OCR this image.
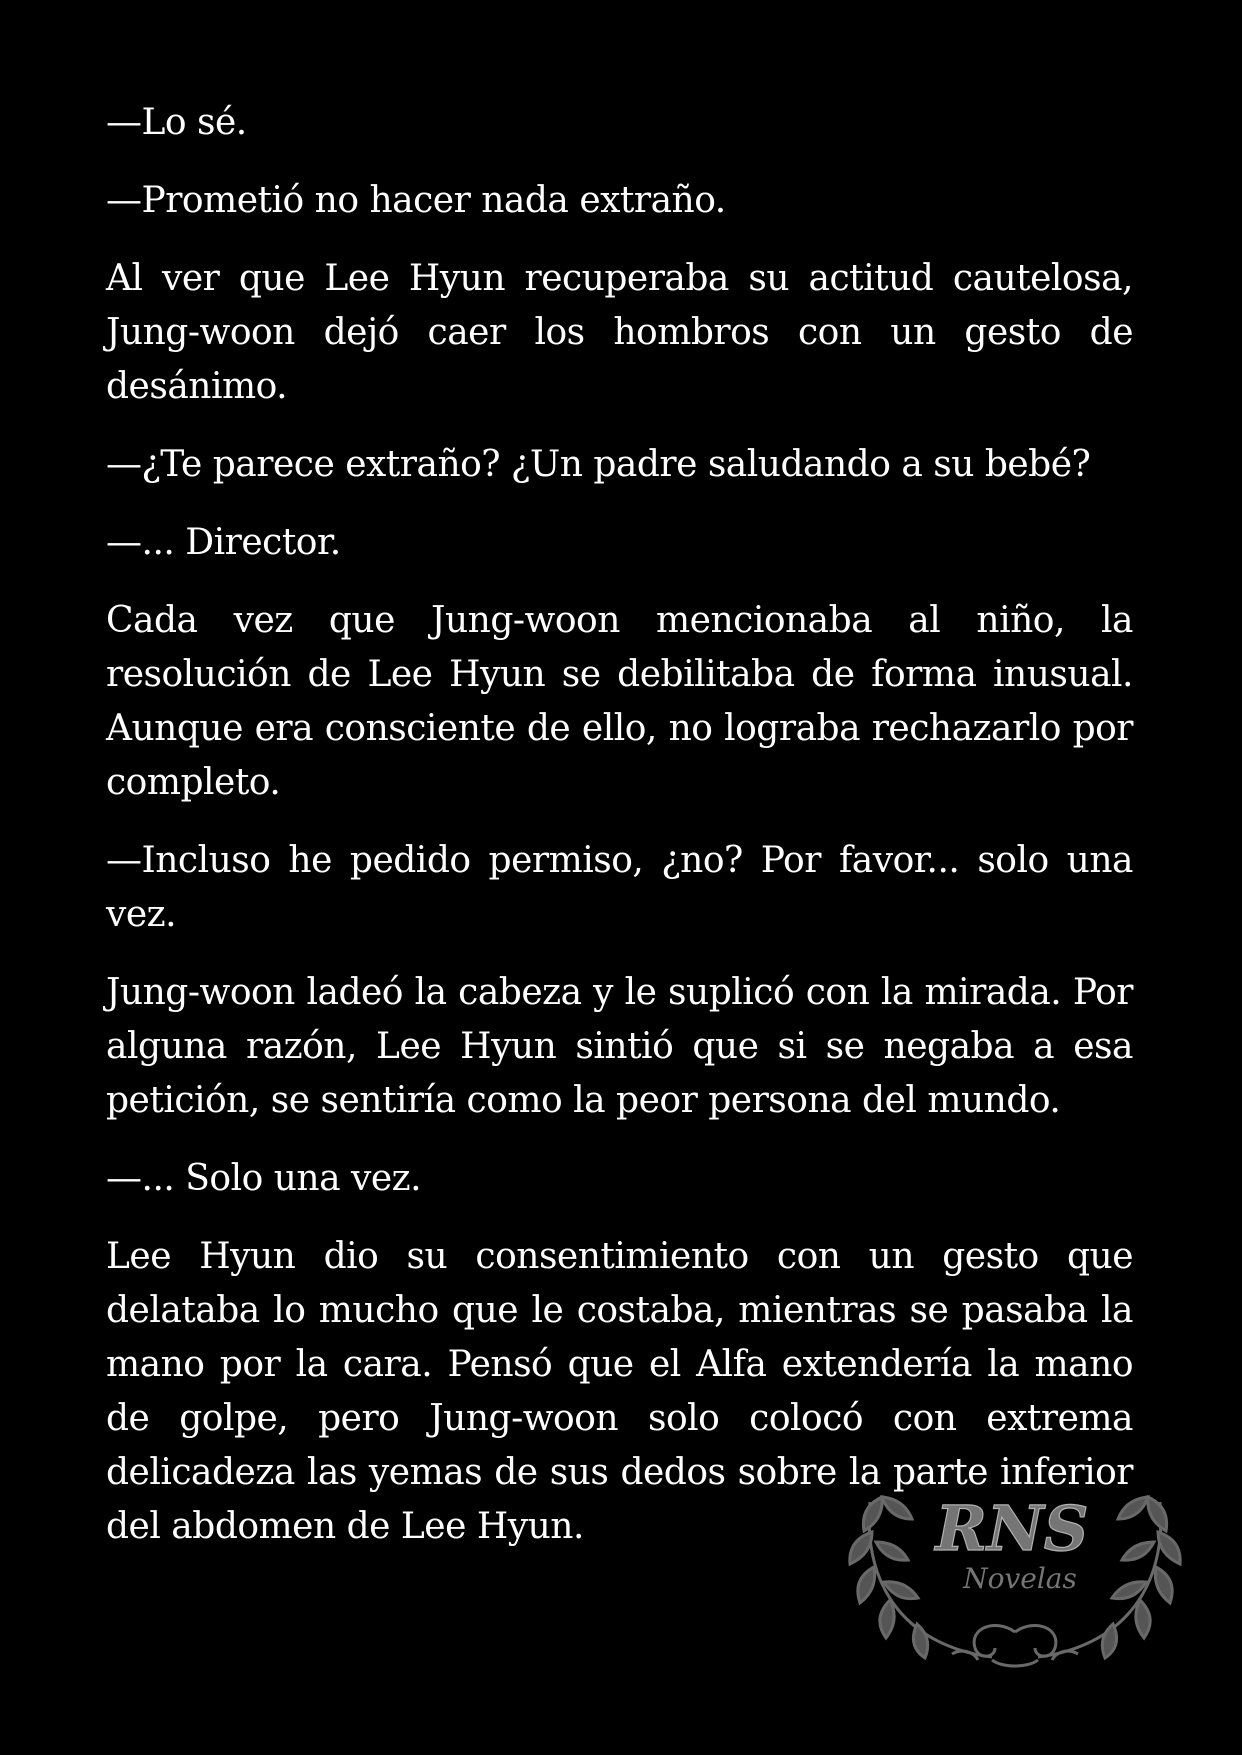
—Lo sé.

—Prometió no hacer nada extraño.

Al ver que Lee Hyun recuperaba su actitud cautelosa, Jung-woon dejó caer los hombros con un gesto de desánimo.

—¿Te parece extraño? ¿Un padre saludando a su bebé?

—... Director.

Cada vez que Jung-woon mencionaba al niño, la resolución de Lee Hyun se debilitaba de forma inusual. Aunque era consciente de ello, no lograba rechazarlo por completo.

—Incluso he pedido permiso, ¿no? Por favor... solo una vez.

Jung-woon ladeó la cabeza y le suplicó con la mirada. Por alguna razón, Lee Hyun sintió que si se negaba a esa petición, se sentiría como la peor persona del mundo.

—... Solo una vez.

Lee Hyun dio su consentimiento con un gesto que delataba lo mucho que le costaba, mientras se pasaba la mano por la cara. Pensó que el Alfa extendería la mano de golpe, pero Jung-woon solo colocó con extrema delicadeza las yemas de sus dedos sobre la parte inferior del abdomen de Lee Hyun.	RNS
Novelas
